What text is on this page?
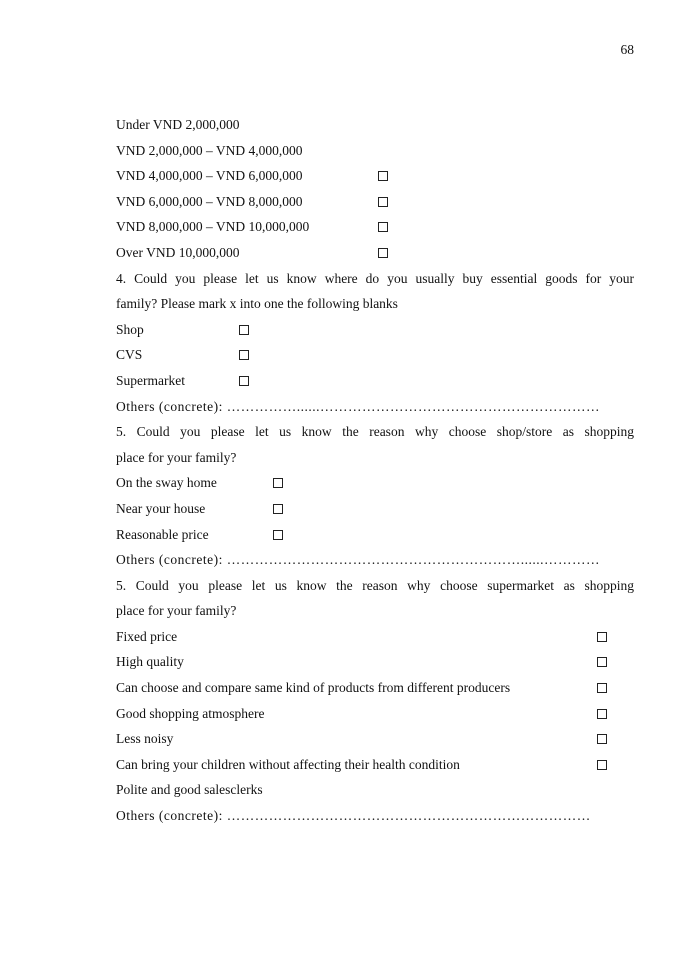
68
Under VND 2,000,000
VND 2,000,000 – VND 4,000,000
VND 4,000,000 – VND 6,000,000
VND 6,000,000 – VND 8,000,000
VND 8,000,000 – VND 10,000,000
Over VND 10,000,000
4. Could you please let us know where do you usually buy essential goods for your
family? Please mark x into one the following blanks
Shop
CVS
Supermarket
Others (concrete): ……………......……………………………………………………
5. Could you please let us know the reason why choose shop/store as shopping
place for your family?
On the sway home
Near your house
Reasonable price
Others (concrete): ………………………………………………………......…………
5. Could you please let us know the reason why choose supermarket as shopping
place for your family?
Fixed price
High quality
Can choose and compare same kind of products from different producers
Good shopping atmosphere
Less noisy
Can bring your children without affecting their health condition
Polite and good salesclerks
Others (concrete): ……………………………………………………………………
